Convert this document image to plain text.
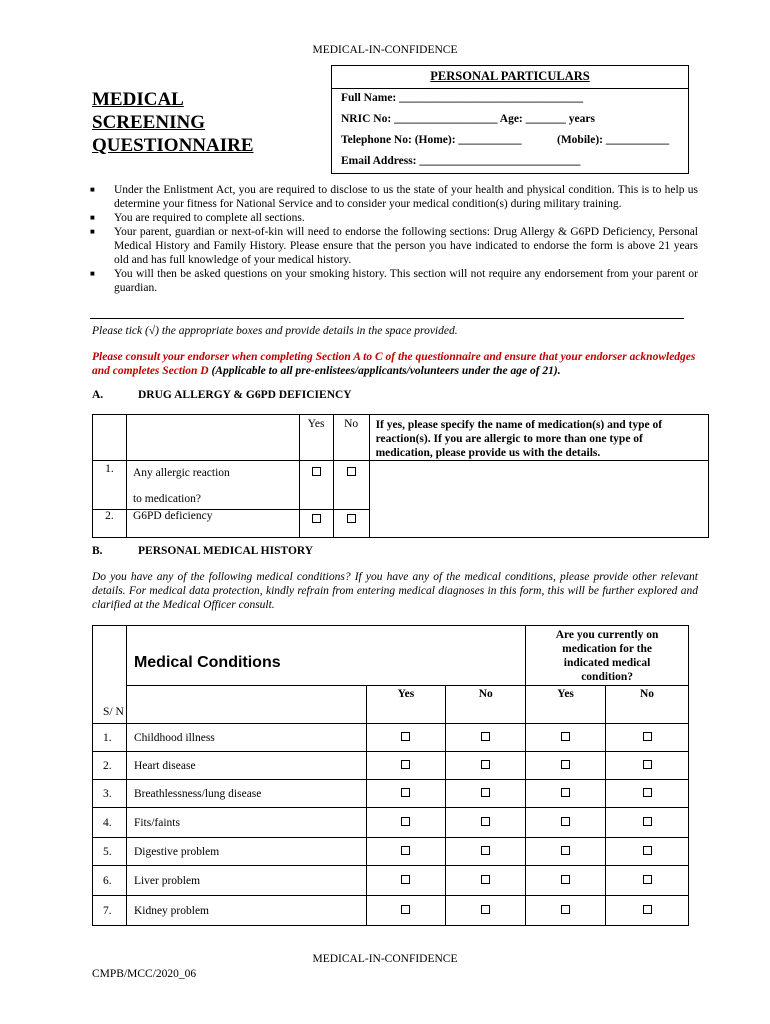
MEDICAL-IN-CONFIDENCE
MEDICAL
SCREENING
QUESTIONNAIRE
PERSONAL PARTICULARS
Full Name: ________________________________
NRIC No: __________________ Age: _______ years
Telephone No: (Home): ___________	(Mobile): ___________
Email Address: ____________________________
■ Under the Enlistment Act, you are required to disclose to us the state of your health and physical condition. This is to help us determine your fitness for National Service and to consider your medical condition(s) during military training.
■ You are required to complete all sections.
■ Your parent, guardian or next-of-kin will need to endorse the following sections: Drug Allergy & G6PD Deficiency, Personal Medical History and Family History. Please ensure that the person you have indicated to endorse the form is above 21 years old and has full knowledge of your medical history.
■ You will then be asked questions on your smoking history. This section will not require any endorsement from your parent or guardian.
Please tick (√) the appropriate boxes and provide details in the space provided.
Please consult your endorser when completing Section A to C of the questionnaire and ensure that your endorser acknowledges and completes Section D (Applicable to all pre-enlistees/applicants/volunteers under the age of 21).
A.	DRUG ALLERGY & G6PD DEFICIENCY
		Yes	No	If yes, please specify the name of medication(s) and type of reaction(s). If you are allergic to more than one type of medication, please provide us with the details.
1.	Any allergic reaction
to medication?			

2.	G6PD deficiency			
B.	PERSONAL MEDICAL HISTORY
Do you have any of the following medical conditions? If you have any of the medical conditions, please provide other relevant details. For medical data protection, kindly refrain from entering medical diagnoses in this form, this will be further explored and clarified at the Medical Officer consult.
S/ N	Medical Conditions			Are you currently on medication for the indicated medical condition?	
		Yes	No	Yes	No
1.	Childhood illness				
2.	Heart disease				
3.	Breathlessness/lung disease				
4.	Fits/faints				
5.	Digestive problem				
6.	Liver problem				
7.	Kidney problem				
MEDICAL-IN-CONFIDENCE
CMPB/MCC/2020_06
